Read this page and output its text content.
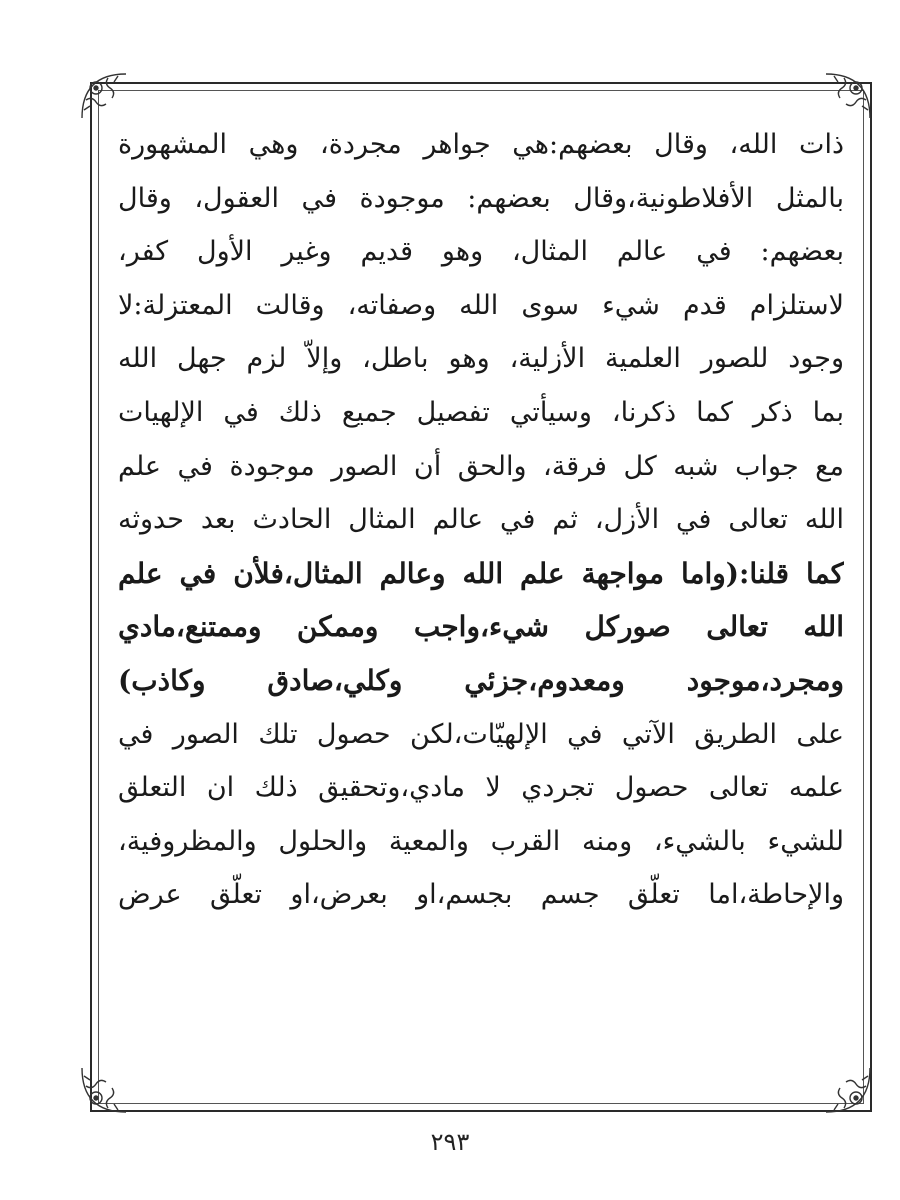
ذات الله، وقال بعضهم:هي جواهر مجردة، وهي المشهورة
بالمثل الأفلاطونية،وقال بعضهم: موجودة في العقول، وقال
بعضهم: في عالم المثال، وهو قديم وغير الأول كفر،
لاستلزام قدم شيء سوى الله وصفاته، وقالت المعتزلة:لا
وجود للصور العلمية الأزلية، وهو باطل، وإلاّ لزم جهل الله
بما ذكر كما ذكرنا، وسيأتي تفصيل جميع ذلك في الإلهيات
مع جواب شبه كل فرقة، والحق أن الصور موجودة في علم
الله تعالى في الأزل، ثم في عالم المثال الحادث بعد حدوثه
كما قلنا:(واما مواجهة علم الله وعالم المثال،فلأن في علم
الله تعالى صوركل شيء،واجب وممكن وممتنع،مادي
ومجرد،موجود ومعدوم،جزئي وكلي،صادق وكاذب)
على الطريق الآتي في الإلهيّات،لكن حصول تلك الصور في
علمه تعالى حصول تجردي لا مادي،وتحقيق ذلك ان التعلق
للشيء بالشيء، ومنه القرب والمعية والحلول والمظروفية،
والإحاطة،اما تعلّق جسم بجسم،او بعرض،او تعلّق عرض
٢٩٣
